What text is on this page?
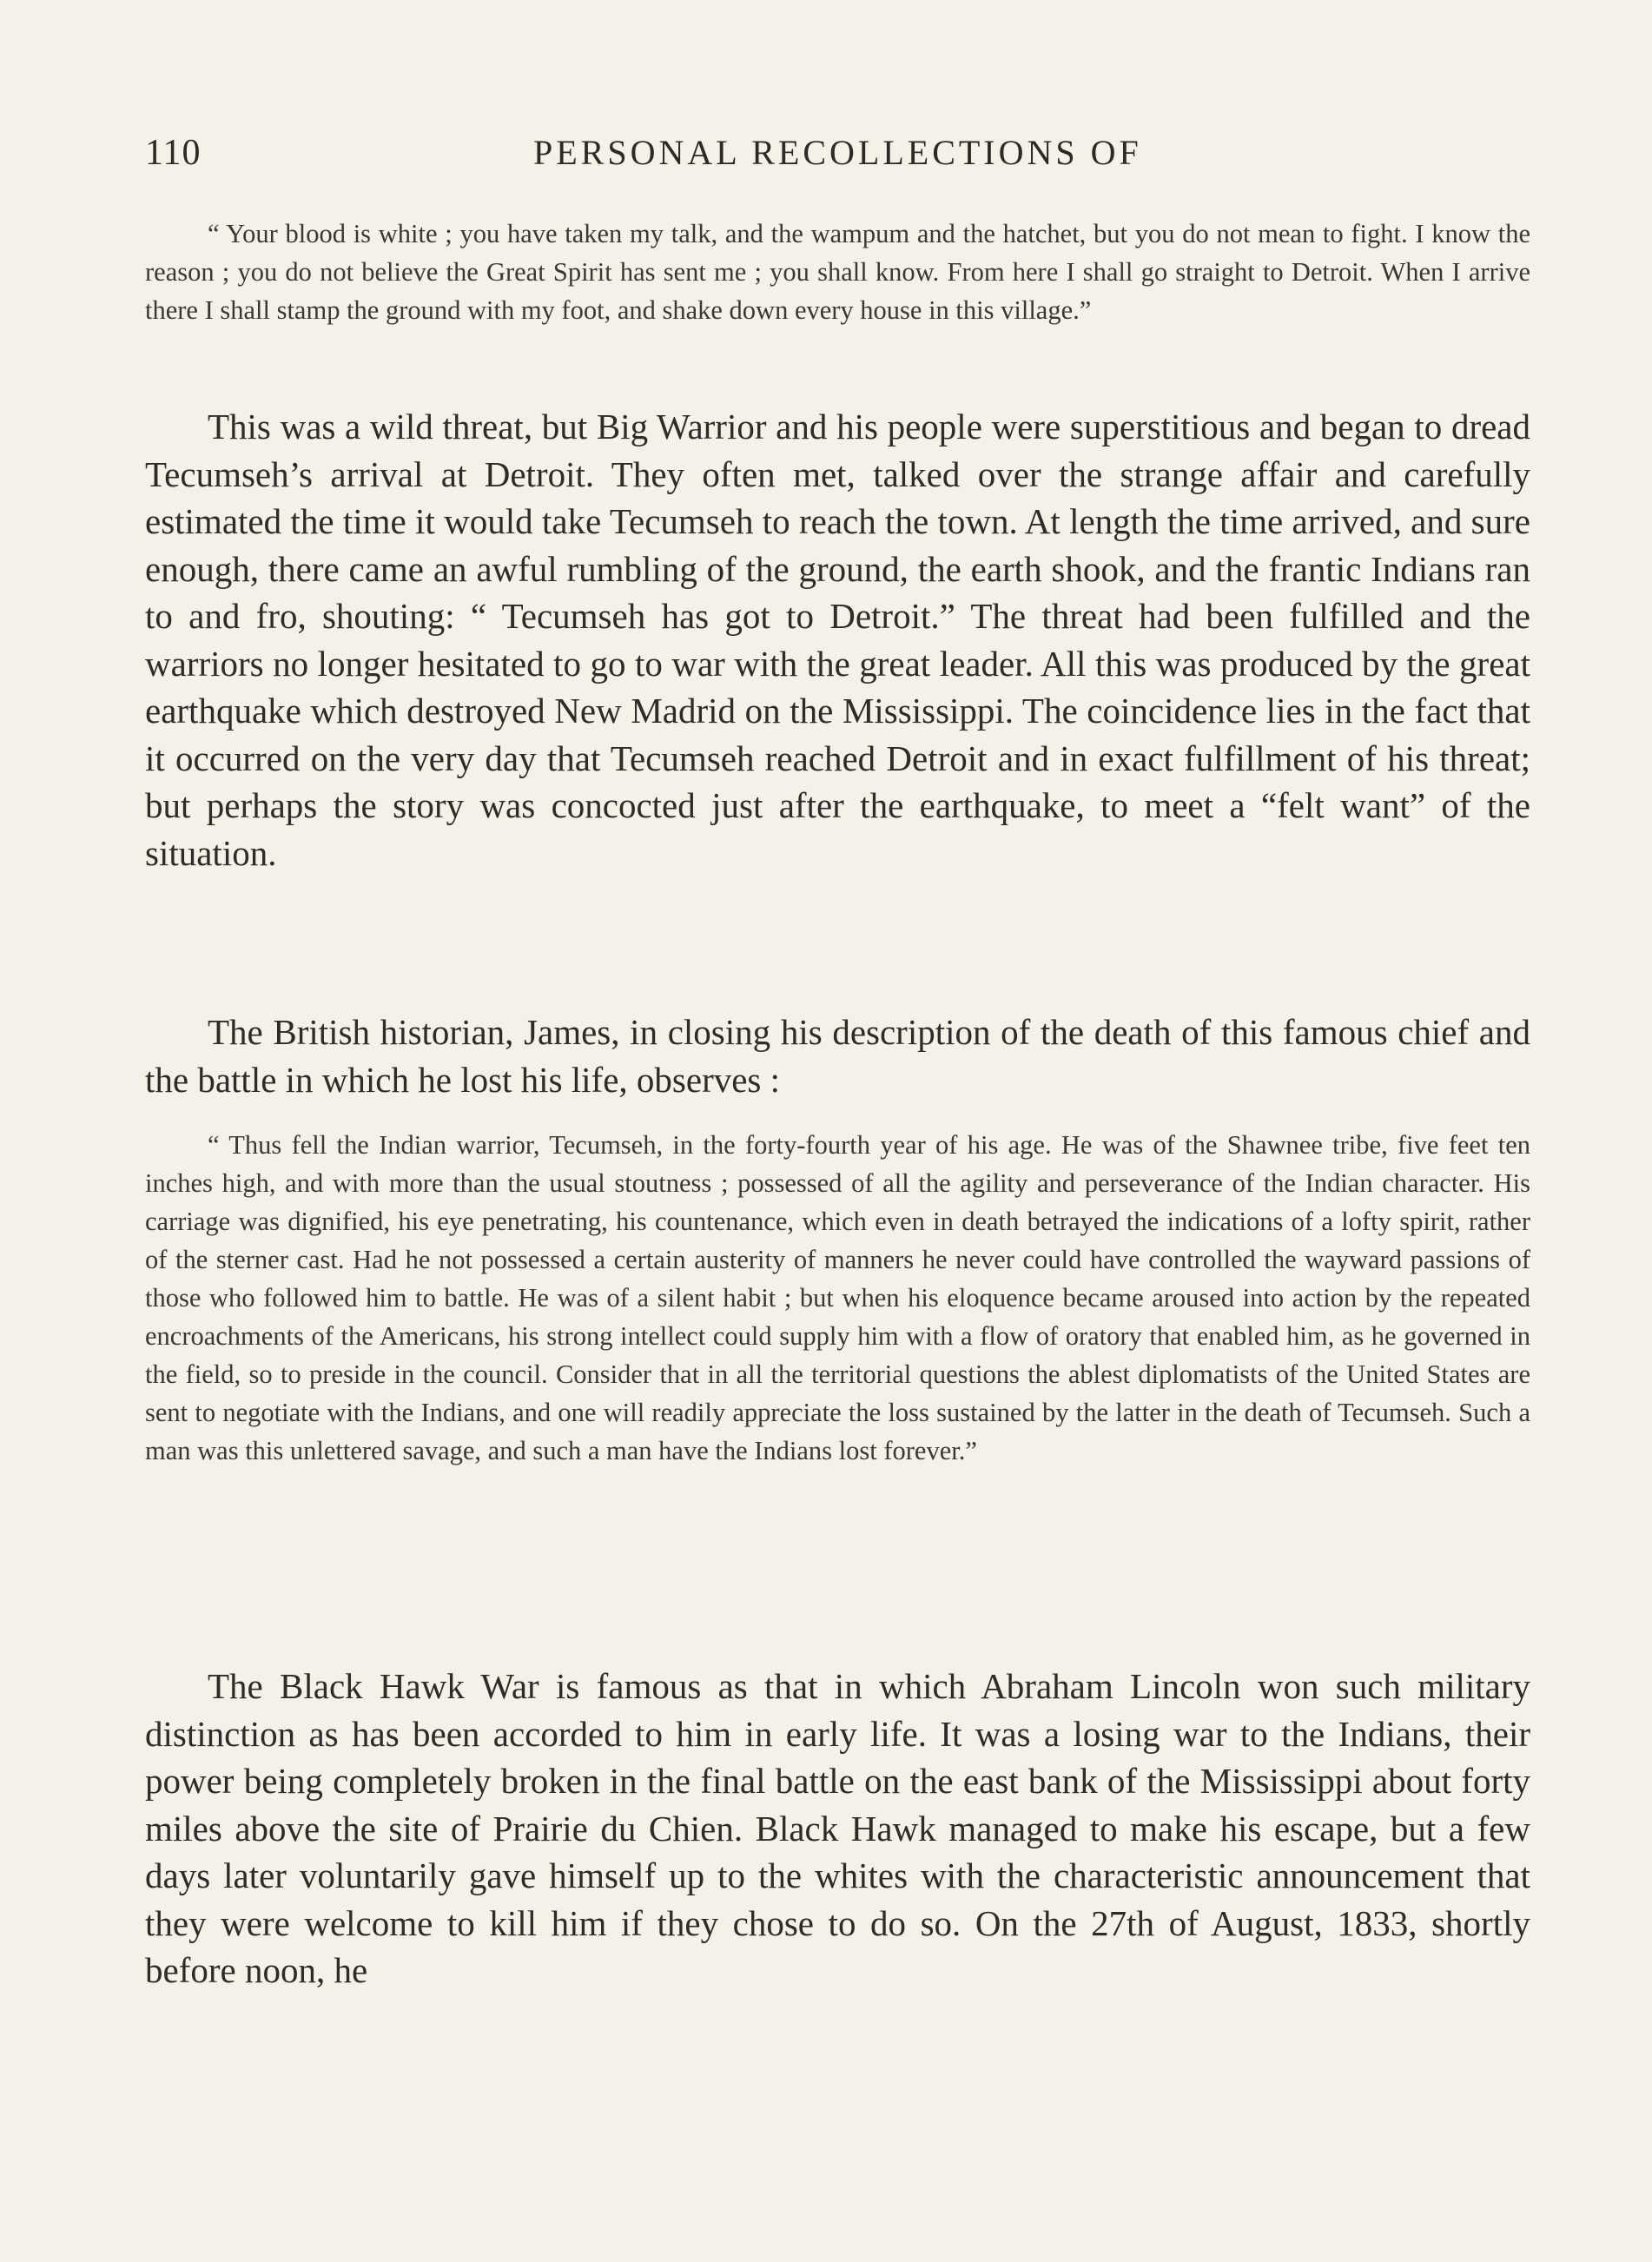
110	PERSONAL RECOLLECTIONS OF

“ Your blood is white ; you have taken my talk, and the wampum and the hatchet, but you do not mean to fight. I know the reason ; you do not believe the Great Spirit has sent me ; you shall know. From here I shall go straight to Detroit. When I arrive there I shall stamp the ground with my foot, and shake down every house in this village.”

This was a wild threat, but Big Warrior and his people were superstitious and began to dread Tecumseh’s arrival at Detroit. They often met, talked over the strange affair and carefully estimated the time it would take Tecumseh to reach the town. At length the time arrived, and sure enough, there came an awful rumbling of the ground, the earth shook, and the frantic Indians ran to and fro, shouting: “ Tecumseh has got to Detroit.” The threat had been fulfilled and the warriors no longer hesitated to go to war with the great leader. All this was produced by the great earthquake which destroyed New Madrid on the Mississippi. The coincidence lies in the fact that it occurred on the very day that Tecumseh reached Detroit and in exact fulfillment of his threat; but perhaps the story was concocted just after the earthquake, to meet a “felt want” of the situation.

The British historian, James, in closing his description of the death of this famous chief and the battle in which he lost his life, observes :

“ Thus fell the Indian warrior, Tecumseh, in the forty-fourth year of his age. He was of the Shawnee tribe, five feet ten inches high, and with more than the usual stoutness ; possessed of all the agility and perseverance of the Indian character. His carriage was dignified, his eye penetrating, his countenance, which even in death betrayed the indications of a lofty spirit, rather of the sterner cast. Had he not possessed a certain austerity of manners he never could have controlled the wayward passions of those who followed him to battle. He was of a silent habit ; but when his eloquence became aroused into action by the repeated encroachments of the Americans, his strong intellect could supply him with a flow of oratory that enabled him, as he governed in the field, so to preside in the council. Consider that in all the territorial questions the ablest diplomatists of the United States are sent to negotiate with the Indians, and one will readily appreciate the loss sustained by the latter in the death of Tecumseh. Such a man was this unlettered savage, and such a man have the Indians lost forever.”

The Black Hawk War is famous as that in which Abraham Lincoln won such military distinction as has been accorded to him in early life. It was a losing war to the Indians, their power being completely broken in the final battle on the east bank of the Mississippi about forty miles above the site of Prairie du Chien. Black Hawk managed to make his escape, but a few days later voluntarily gave himself up to the whites with the characteristic announcement that they were welcome to kill him if they chose to do so. On the 27th of August, 1833, shortly before noon, he
